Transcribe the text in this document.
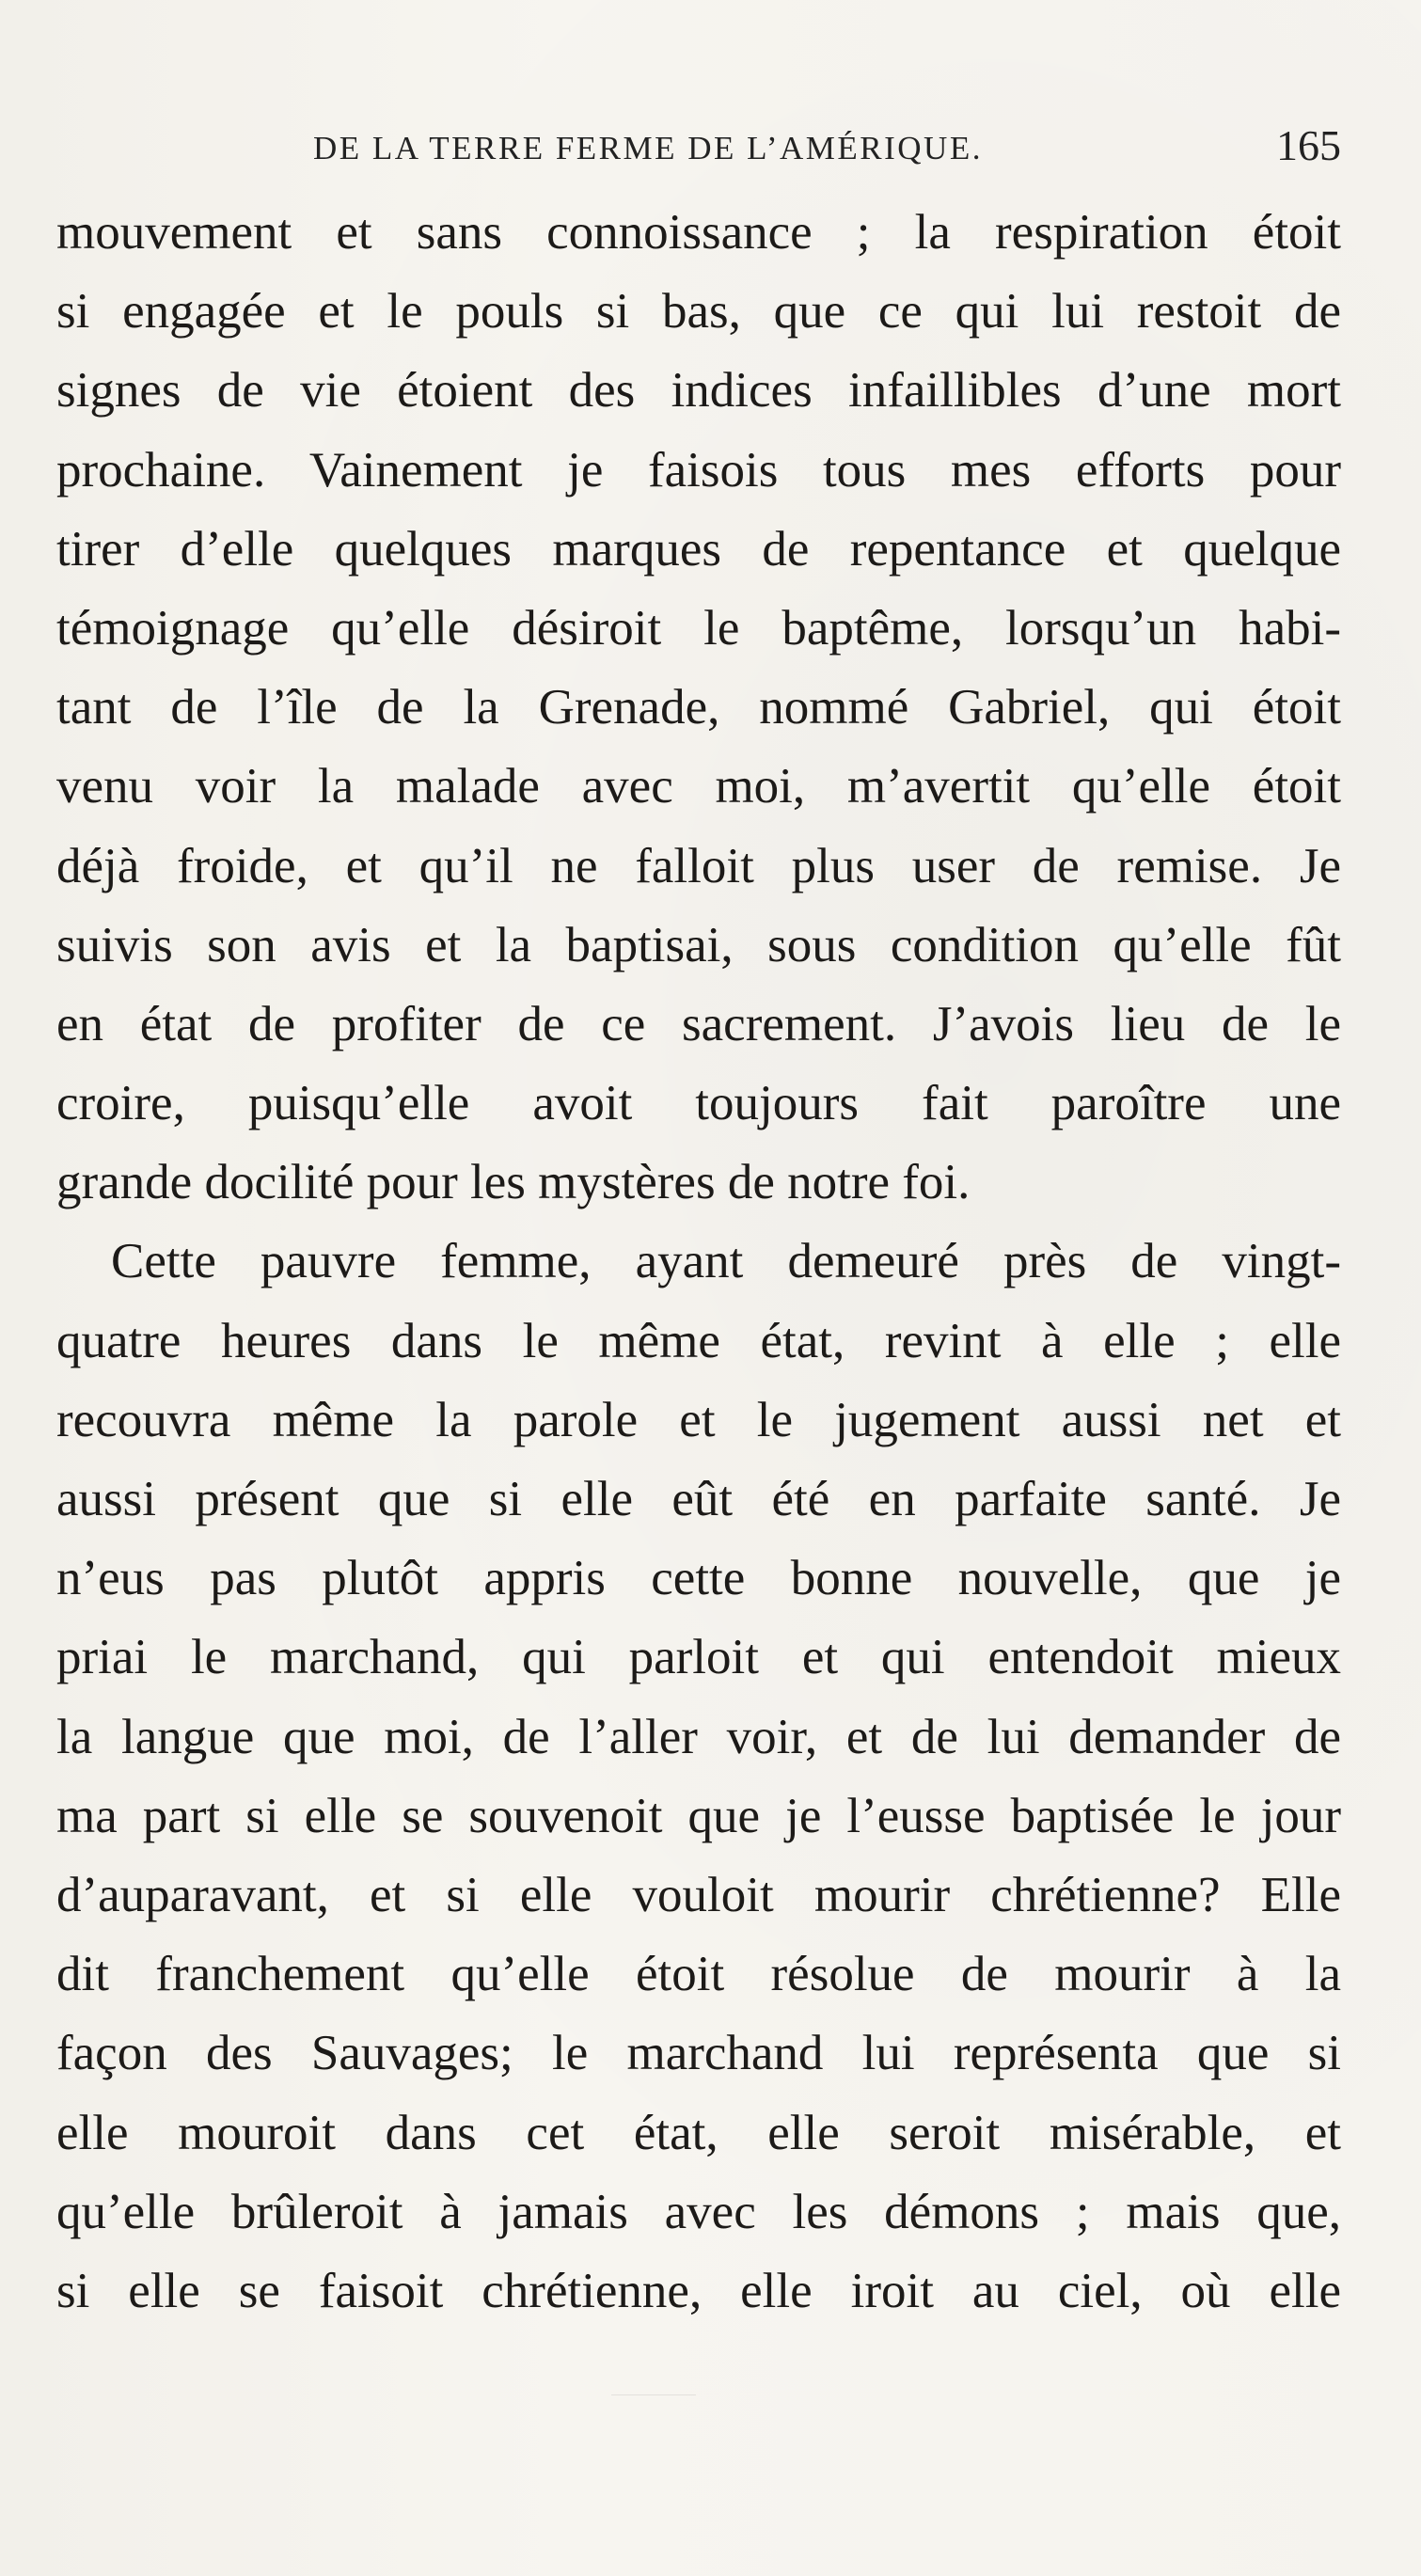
DE LA TERRE FERME DE L’AMÉRIQUE.	165
mouvement et sans connoissance ; la respiration étoit
si engagée et le pouls si bas, que ce qui lui restoit de
signes de vie étoient des indices infaillibles d’une mort
prochaine. Vainement je faisois tous mes efforts pour
tirer d’elle quelques marques de repentance et quelque
témoignage qu’elle désiroit le baptême, lorsqu’un habi-
tant de l’île de la Grenade, nommé Gabriel, qui étoit
venu voir la malade avec moi, m’avertit qu’elle étoit
déjà froide, et qu’il ne falloit plus user de remise. Je
suivis son avis et la baptisai, sous condition qu’elle fût
en état de profiter de ce sacrement. J’avois lieu de le
croire, puisqu’elle avoit toujours fait paroître une
grande docilité pour les mystères de notre foi.
Cette pauvre femme, ayant demeuré près de vingt-
quatre heures dans le même état, revint à elle ; elle
recouvra même la parole et le jugement aussi net et
aussi présent que si elle eût été en parfaite santé. Je
n’eus pas plutôt appris cette bonne nouvelle, que je
priai le marchand, qui parloit et qui entendoit mieux
la langue que moi, de l’aller voir, et de lui demander de
ma part si elle se souvenoit que je l’eusse baptisée le jour
d’auparavant, et si elle vouloit mourir chrétienne? Elle
dit franchement qu’elle étoit résolue de mourir à la
façon des Sauvages; le marchand lui représenta que si
elle mouroit dans cet état, elle seroit misérable, et
qu’elle brûleroit à jamais avec les démons ; mais que,
si elle se faisoit chrétienne, elle iroit au ciel, où elle
